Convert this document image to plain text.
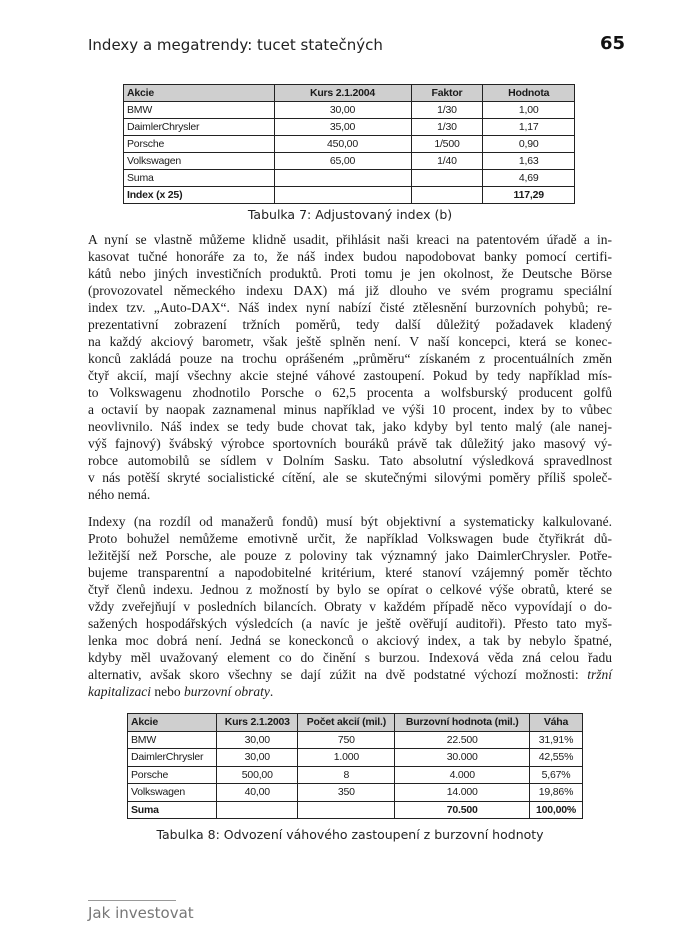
Indexy a megatrendy: tucet statečných	65
Akcie	Kurs 2.1.2004	Faktor	Hodnota
BMW	30,00	1/30	1,00
DaimlerChrysler	35,00	1/30	1,17
Porsche	450,00	1/500	0,90
Volkswagen	65,00	1/40	1,63
Suma			4,69
Index (x 25)			117,29
Tabulka 7: Adjustovaný index (b)
A nyní se vlastně můžeme klidně usadit, přihlásit naši kreaci na patentovém úřadě a in-
kasovat tučné honoráře za to, že náš index budou napodobovat banky pomocí certifi-
kátů nebo jiných investičních produktů. Proti tomu je jen okolnost, že Deutsche Börse
(provozovatel německého indexu DAX) má již dlouho ve svém programu speciální
index tzv. „Auto-DAX“. Náš index nyní nabízí čisté ztělesnění burzovních pohybů; re-
prezentativní zobrazení tržních poměrů, tedy další důležitý požadavek kladený
na každý akciový barometr, však ještě splněn není. V naší koncepci, která se konec-
konců zakládá pouze na trochu oprášeném „průměru“ získaném z procentuálních změn
čtyř akcií, mají všechny akcie stejné váhové zastoupení. Pokud by tedy například mís-
to Volkswagenu zhodnotilo Porsche o 62,5 procenta a wolfsburský producent golfů
a octavií by naopak zaznamenal minus například ve výši 10 procent, index by to vůbec
neovlivnilo. Náš index se tedy bude chovat tak, jako kdyby byl tento malý (ale nanej-
výš fajnový) švábský výrobce sportovních bouráků právě tak důležitý jako masový vý-
robce automobilů se sídlem v Dolním Sasku. Tato absolutní výsledková spravedlnost
v nás potěší skryté socialistické cítění, ale se skutečnými silovými poměry příliš společ-
ného nemá.
Indexy (na rozdíl od manažerů fondů) musí být objektivní a systematicky kalkulované.
Proto bohužel nemůžeme emotivně určit, že například Volkswagen bude čtyřikrát dů-
ležitější než Porsche, ale pouze z poloviny tak významný jako DaimlerChrysler. Potře-
bujeme transparentní a napodobitelné kritérium, které stanoví vzájemný poměr těchto
čtyř členů indexu. Jednou z možností by bylo se opírat o celkové výše obratů, které se
vždy zveřejňují v posledních bilancích. Obraty v každém případě něco vypovídají o do-
sažených hospodářských výsledcích (a navíc je ještě ověřují auditoři). Přesto tato myš-
lenka moc dobrá není. Jedná se koneckonců o akciový index, a tak by nebylo špatné,
kdyby měl uvažovaný element co do činění s burzou. Indexová věda zná celou řadu
alternativ, avšak skoro všechny se dají zúžit na dvě podstatné výchozí možnosti: tržní
kapitalizaci nebo burzovní obraty.
Akcie	Kurs 2.1.2003	Počet akcií (mil.)	Burzovní hodnota (mil.)	Váha
BMW	30,00	750	22.500	31,91%
DaimlerChrysler	30,00	1.000	30.000	42,55%
Porsche	500,00	8	4.000	5,67%
Volkswagen	40,00	350	14.000	19,86%
Suma			70.500	100,00%
Tabulka 8: Odvození váhového zastoupení z burzovní hodnoty
Jak investovat
